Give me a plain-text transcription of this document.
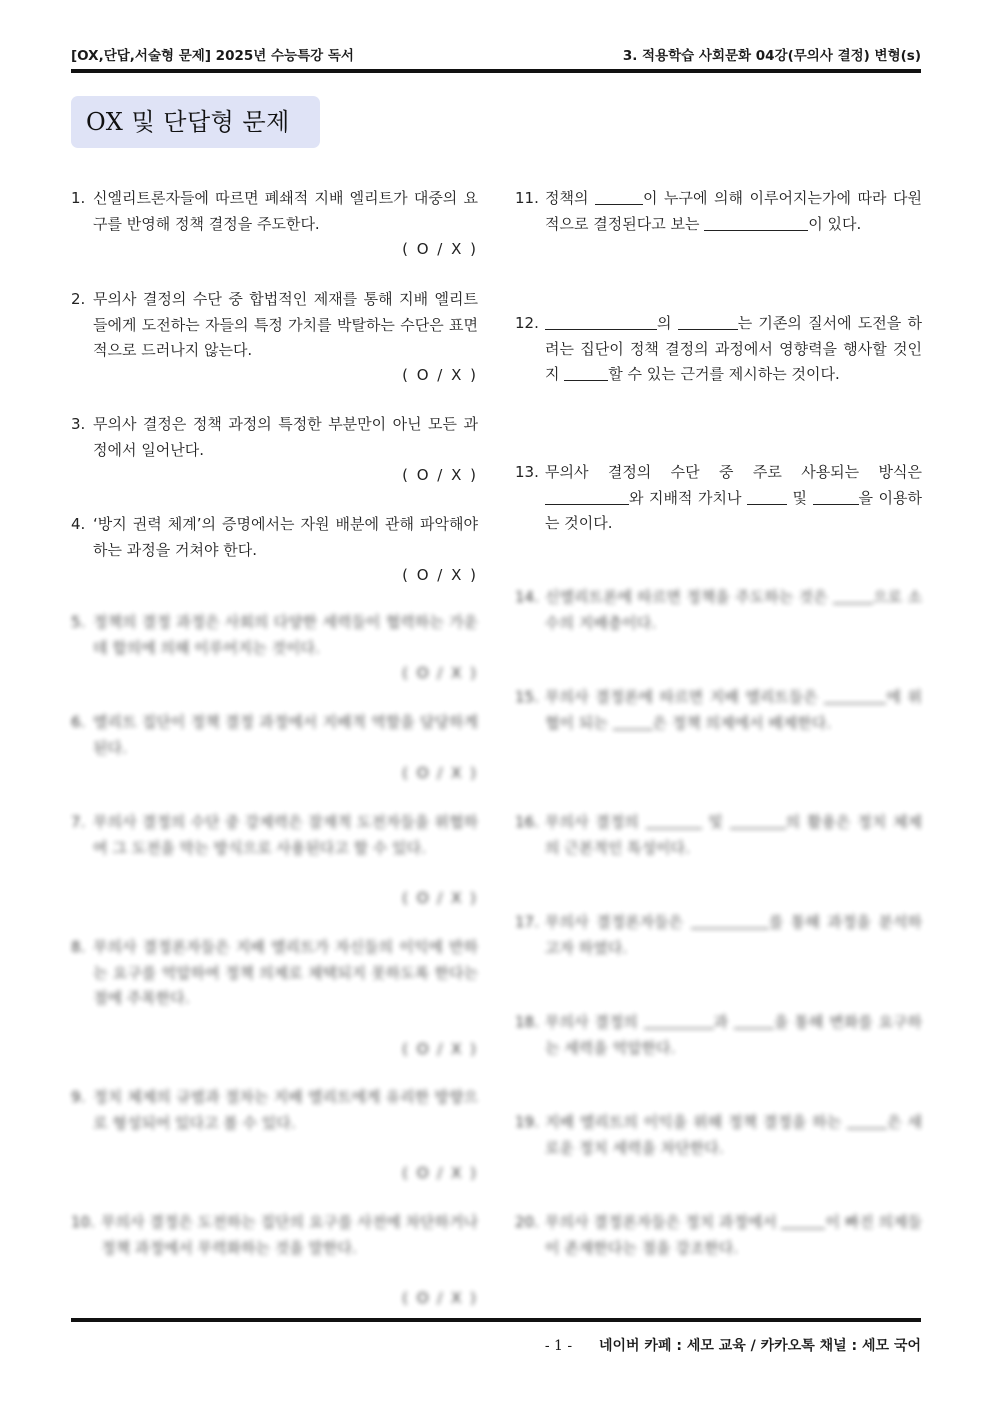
[OX,단답,서술형 문제] 2025년 수능특강 독서	3. 적용학습 사회문화 04강(무의사 결정) 변형(s)
OX 및 단답형 문제
1. 신엘리트론자들에 따르면 폐쇄적 지배 엘리트가 대중의 요구를 반영해 정책 결정을 주도한다.
( O / X )
2. 무의사 결정의 수단 중 합법적인 제재를 통해 지배 엘리트들에게 도전하는 자들의 특정 가치를 박탈하는 수단은 표면적으로 드러나지 않는다.
( O / X )
3. 무의사 결정은 정책 과정의 특정한 부분만이 아닌 모든 과정에서 일어난다.
( O / X )
4. ‘방지 권력 체계’의 증명에서는 자원 배분에 관해 파악해야 하는 과정을 거쳐야 한다.
( O / X )
5. 정책의 결정 과정은 사회의 다양한 세력들이 협력하는 가운데 합의에 의해 이루어지는 것이다.
( O / X )
6. 엘리트 집단이 정책 결정 과정에서 지배적 역할을 담당하게 된다.
( O / X )
7. 무의사 결정의 수단 중 강제력은 잠재적 도전자들을 위협하여 그 도전을 막는 방식으로 사용된다고 할 수 있다.
( O / X )
8. 무의사 결정론자들은 지배 엘리트가 자신들의 이익에 반하는 요구를 억압하여 정책 의제로 채택되지 못하도록 한다는 점에 주목한다.
( O / X )
9. 정치 체제의 규범과 절차는 지배 엘리트에게 유리한 방향으로 형성되어 있다고 볼 수 있다.
( O / X )
10. 무의사 결정은 도전하는 집단의 요구를 사전에 차단하거나 정책 과정에서 무력화하는 것을 말한다.
( O / X )
11. 정책의	이 누구에 의해 이루어지는가에 따라 다원적으로 결정된다고 보는	이 있다.
12.	의	는 기존의 질서에 도전을 하려는 집단이 정책 결정의 과정에서 영향력을 행사할 것인지	할 수 있는 근거를 제시하는 것이다.
13. 무의사 결정의 수단 중 주로 사용되는 방식은 와 지배적 가치나	및	을 이용하는 것이다.
14. 신엘리트론에 따르면 정책을 주도하는 것은	으로 소수의 지배층이다.
15. 무의사 결정론에 따르면 지배 엘리트들은	에 위협이 되는	은 정책 의제에서 배제한다.
16. 무의사 결정의	및	의 활용은 정치 체제의 근본적인 특성이다.
17. 무의사 결정론자들은	를 통해 과정을 분석하고자 하였다.
18. 무의사 결정의	과	을 통해 변화를 요구하는 세력을 억압한다.
19. 지배 엘리트의 이익을 위해 정책 결정을 하는	은 새로운 정치 세력을 차단한다.
20. 무의사 결정론자들은 정치 과정에서	이 빠진 의제들이 존재한다는 점을 강조한다.
- 1 - 네이버 카페 : 세모 교육 / 카카오톡 채널 : 세모 국어
